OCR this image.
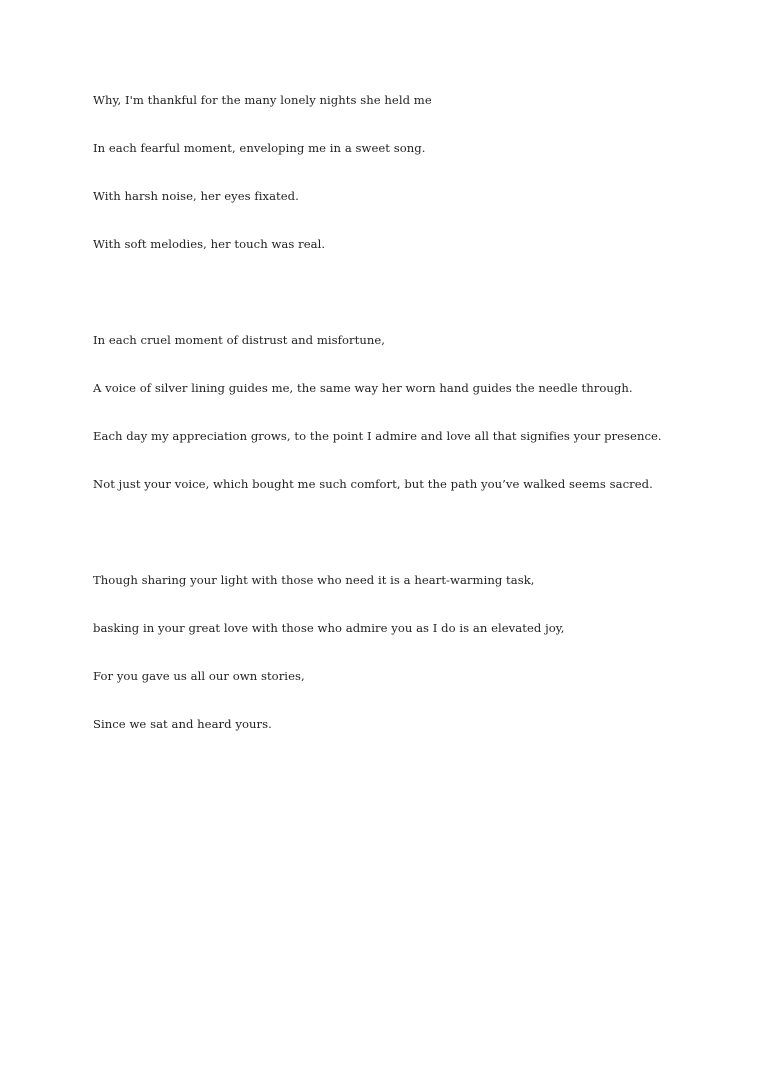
Why, I'm thankful for the many lonely nights she held me
In each fearful moment, enveloping me in a sweet song.
With harsh noise, her eyes fixated.
With soft melodies, her touch was real.
In each cruel moment of distrust and misfortune,
A voice of silver lining guides me, the same way her worn hand guides the needle through.
Each day my appreciation grows, to the point I admire and love all that signifies your presence.
Not just your voice, which bought me such comfort, but the path you’ve walked seems sacred.
Though sharing your light with those who need it is a heart-warming task,
basking in your great love with those who admire you as I do is an elevated joy,
For you gave us all our own stories,
Since we sat and heard yours.
